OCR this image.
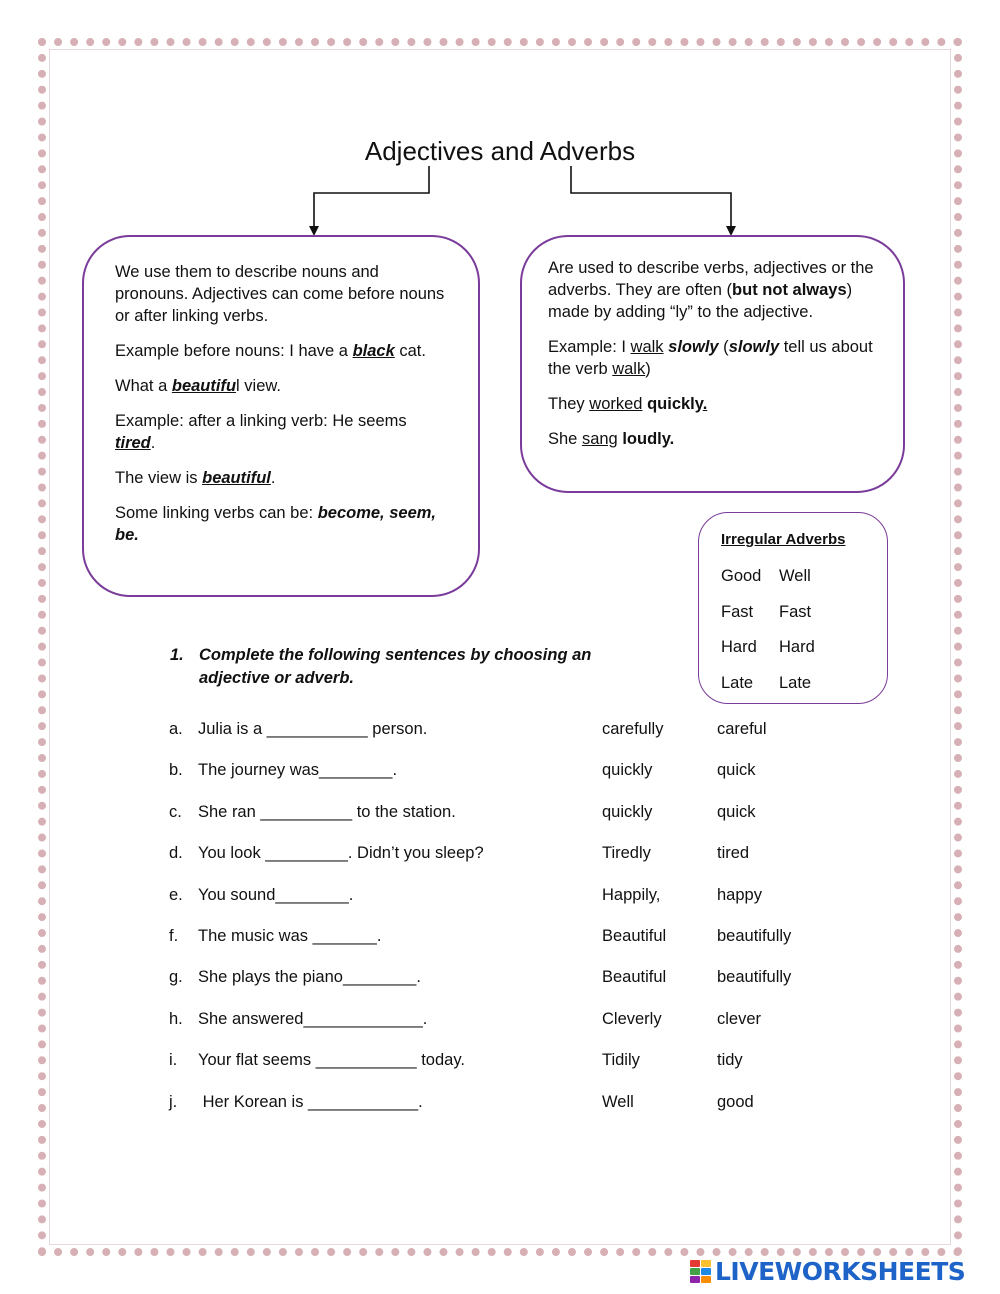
Adjectives and Adverbs

We use them to describe nouns and pronouns. Adjectives can come before nouns or after linking verbs.

Example before nouns: I have a black cat.

What a beautiful view.

Example: after a linking verb: He seems tired.

The view is beautiful.

Some linking verbs can be: become, seem, be.

Are used to describe verbs, adjectives or the adverbs. They are often (but not always) made by adding “ly” to the adjective.

Example: I walk slowly (slowly tell us about the verb walk)

They worked quickly.

She sang loudly.

Irregular Adverbs
Good	Well
Fast	Fast
Hard	Hard
Late	Late
1. Complete the following sentences by choosing an adjective or adverb.
a. Julia is a ___________ person.	carefully	careful
b. The journey was________.	quickly	quick
c. She ran __________ to the station.	quickly	quick
d. You look _________. Didn’t you sleep?	Tiredly	tired
e. You sound________.	Happily,	happy
f. The music was _______.	Beautiful	beautifully
g. She plays the piano________.	Beautiful	beautifully
h. She answered_____________.	Cleverly	clever
i. Your flat seems ___________ today.	Tidily	tidy
j. Her Korean is ____________.	Well	good
LIVEWORKSHEETS
